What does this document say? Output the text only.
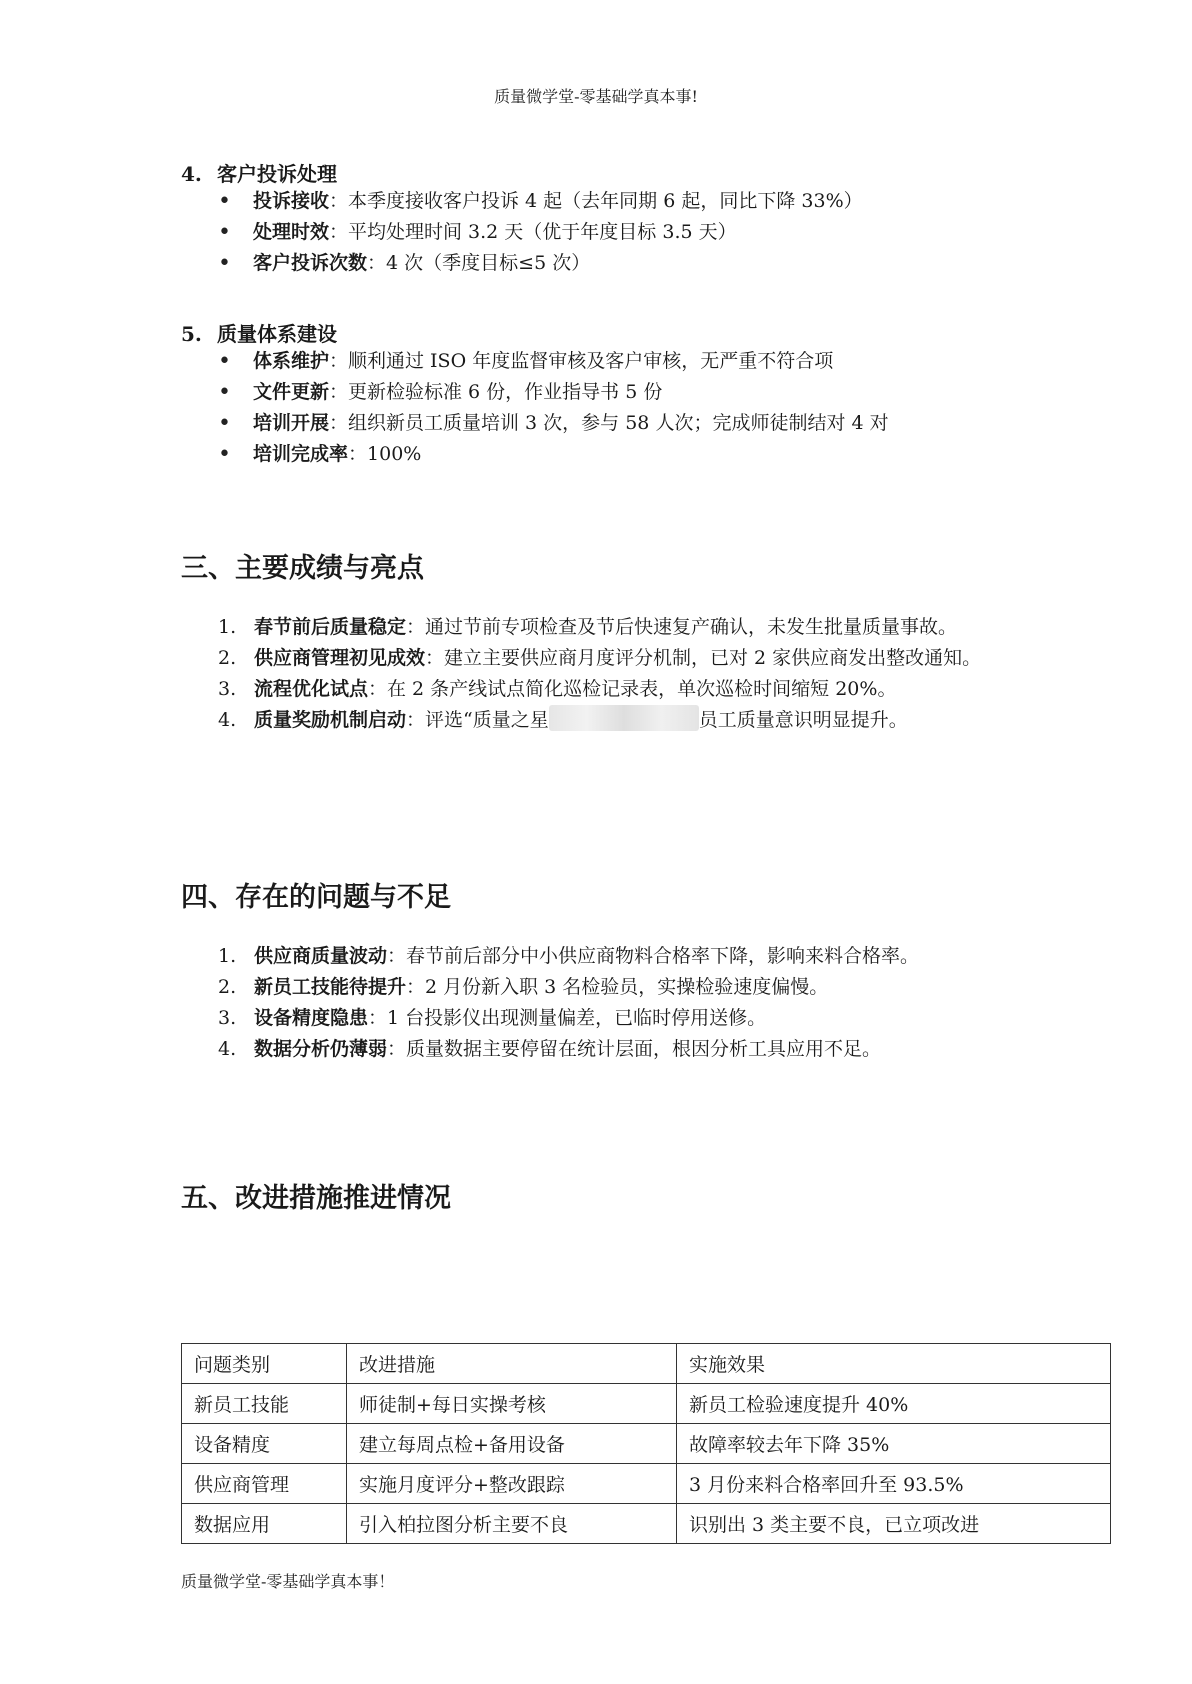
质量微学堂-零基础学真本事!
4. 客户投诉处理
• 投诉接收：本季度接收客户投诉 4 起（去年同期 6 起，同比下降 33%）
• 处理时效：平均处理时间 3.2 天（优于年度目标 3.5 天）
• 客户投诉次数：4 次（季度目标≤5 次）
5. 质量体系建设
• 体系维护：顺利通过 ISO 年度监督审核及客户审核，无严重不符合项
• 文件更新：更新检验标准 6 份，作业指导书 5 份
• 培训开展：组织新员工质量培训 3 次，参与 58 人次；完成师徒制结对 4 对
• 培训完成率：100%
三、主要成绩与亮点
1. 春节前后质量稳定：通过节前专项检查及节后快速复产确认，未发生批量质量事故。
2. 供应商管理初见成效：建立主要供应商月度评分机制，已对 2 家供应商发出整改通知。
3. 流程优化试点：在 2 条产线试点简化巡检记录表，单次巡检时间缩短 20%。
4. 质量奖励机制启动：评选“质量之星	员工质量意识明显提升。
四、存在的问题与不足
1. 供应商质量波动：春节前后部分中小供应商物料合格率下降，影响来料合格率。
2. 新员工技能待提升：2 月份新入职 3 名检验员，实操检验速度偏慢。
3. 设备精度隐患：1 台投影仪出现测量偏差，已临时停用送修。
4. 数据分析仍薄弱：质量数据主要停留在统计层面，根因分析工具应用不足。
五、改进措施推进情况
问题类别	改进措施	实施效果
新员工技能	师徒制+每日实操考核	新员工检验速度提升 40%
设备精度	建立每周点检+备用设备	故障率较去年下降 35%
供应商管理	实施月度评分+整改跟踪	3 月份来料合格率回升至 93.5%
数据应用	引入柏拉图分析主要不良	识别出 3 类主要不良，已立项改进
质量微学堂-零基础学真本事！
